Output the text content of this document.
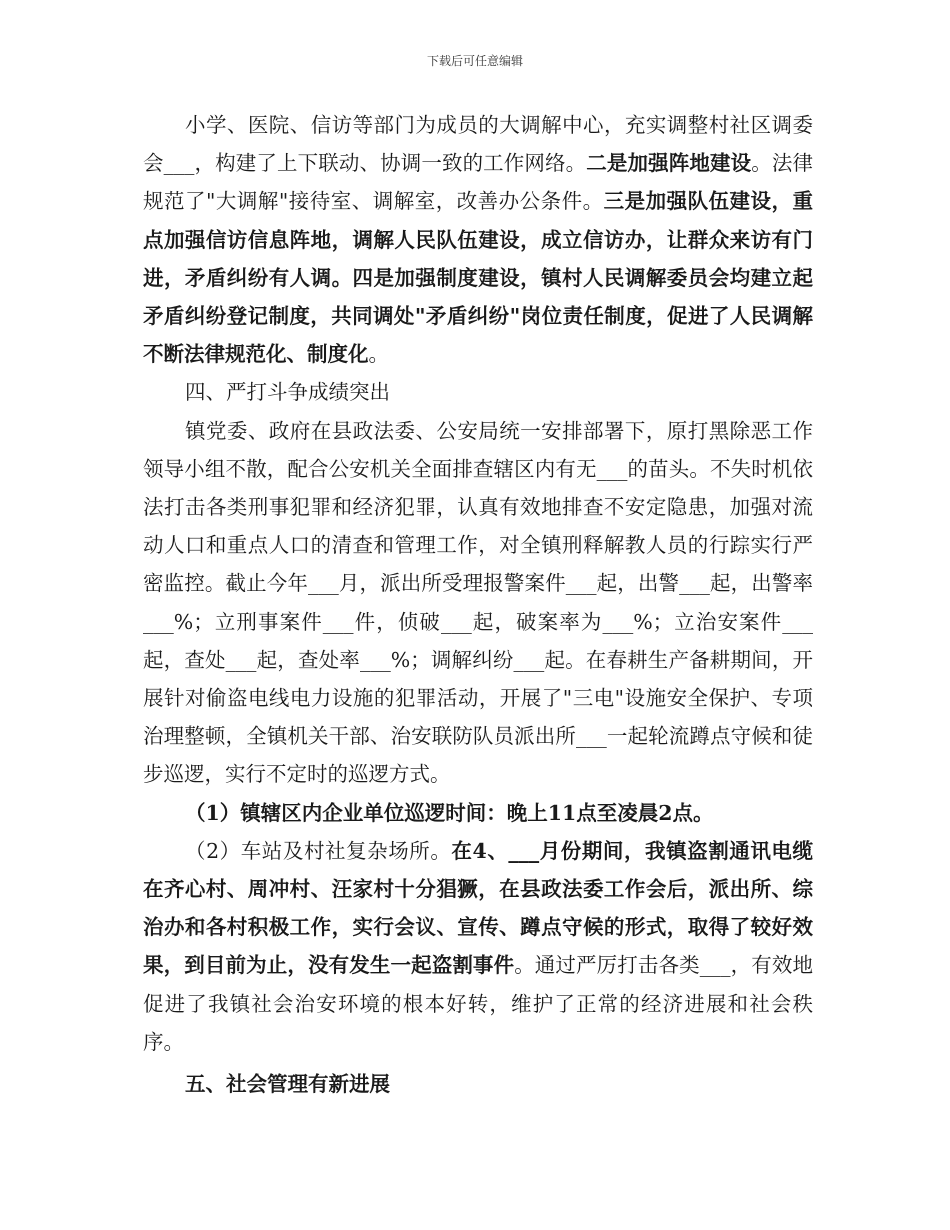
下载后可任意编辑

小学、医院、信访等部门为成员的大调解中心，充实调整村社区调委会___，构建了上下联动、协调一致的工作网络。二是加强阵地建设。法律规范了"大调解"接待室、调解室，改善办公条件。三是加强队伍建设，重点加强信访信息阵地，调解人民队伍建设，成立信访办，让群众来访有门进，矛盾纠纷有人调。四是加强制度建设，镇村人民调解委员会均建立起矛盾纠纷登记制度，共同调处"矛盾纠纷"岗位责任制度，促进了人民调解不断法律规范化、制度化。

四、严打斗争成绩突出

镇党委、政府在县政法委、公安局统一安排部署下，原打黑除恶工作领导小组不散，配合公安机关全面排查辖区内有无___的苗头。不失时机依法打击各类刑事犯罪和经济犯罪，认真有效地排查不安定隐患，加强对流动人口和重点人口的清查和管理工作，对全镇刑释解教人员的行踪实行严密监控。截止今年___月，派出所受理报警案件___起，出警___起，出警率___%；立刑事案件___件，侦破___起，破案率为___%；立治安案件___起，查处___起，查处率___%；调解纠纷___起。在春耕生产备耕期间，开展针对偷盗电线电力设施的犯罪活动，开展了"三电"设施安全保护、专项治理整顿，全镇机关干部、治安联防队员派出所___一起轮流蹲点守候和徒步巡逻，实行不定时的巡逻方式。

（1）镇辖区内企业单位巡逻时间：晚上11点至凌晨2点。

（2）车站及村社复杂场所。在4、___月份期间，我镇盗割通讯电缆在齐心村、周冲村、汪家村十分猖獗，在县政法委工作会后，派出所、综治办和各村积极工作，实行会议、宣传、蹲点守候的形式，取得了较好效果，到目前为止，没有发生一起盗割事件。通过严厉打击各类___，有效地促进了我镇社会治安环境的根本好转，维护了正常的经济进展和社会秩序。

五、社会管理有新进展
